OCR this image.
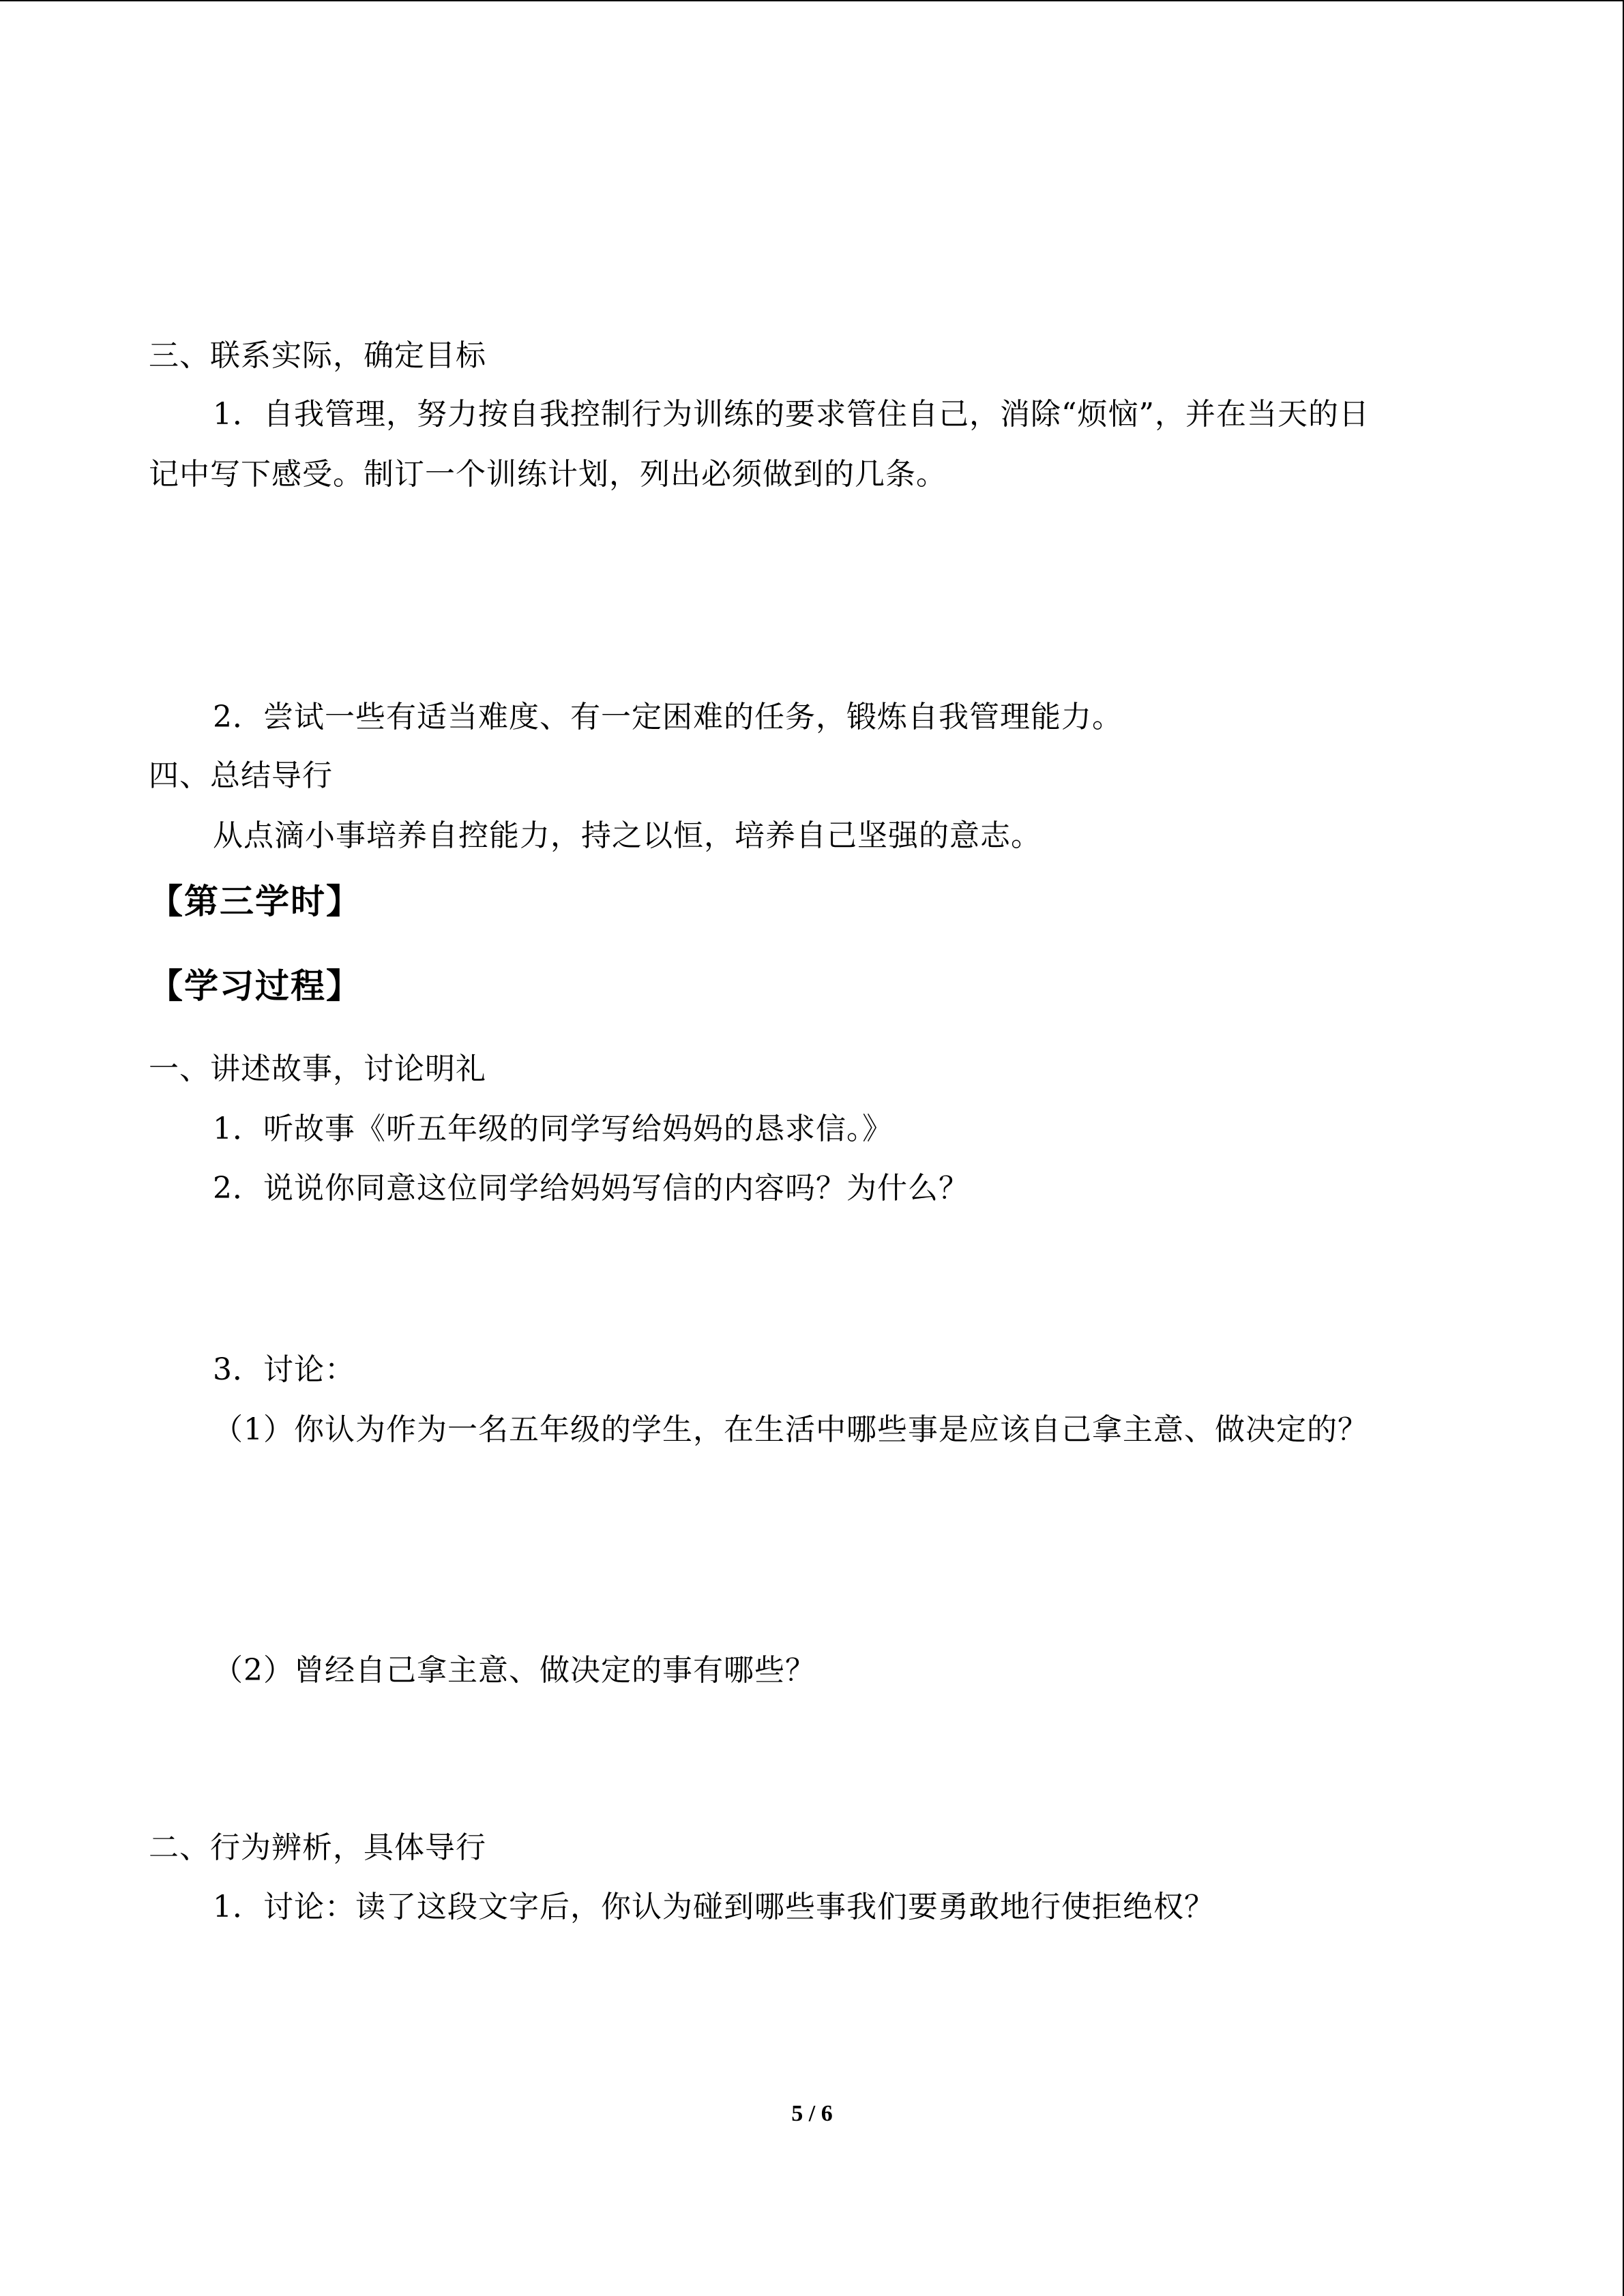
三、联系实际，确定目标
1．自我管理，努力按自我控制行为训练的要求管住自己，消除“烦恼”，并在当天的日
记中写下感受。制订一个训练计划，列出必须做到的几条。
2．尝试一些有适当难度、有一定困难的任务，锻炼自我管理能力。
四、总结导行
从点滴小事培养自控能力，持之以恒，培养自己坚强的意志。
【第三学时】
【学习过程】
一、讲述故事，讨论明礼
1．听故事《听五年级的同学写给妈妈的恳求信。》
2．说说你同意这位同学给妈妈写信的内容吗？为什么？
3．讨论：
（1）你认为作为一名五年级的学生，在生活中哪些事是应该自己拿主意、做决定的？
（2）曾经自己拿主意、做决定的事有哪些？
二、行为辨析，具体导行
1．讨论：读了这段文字后，你认为碰到哪些事我们要勇敢地行使拒绝权？
5 / 6
